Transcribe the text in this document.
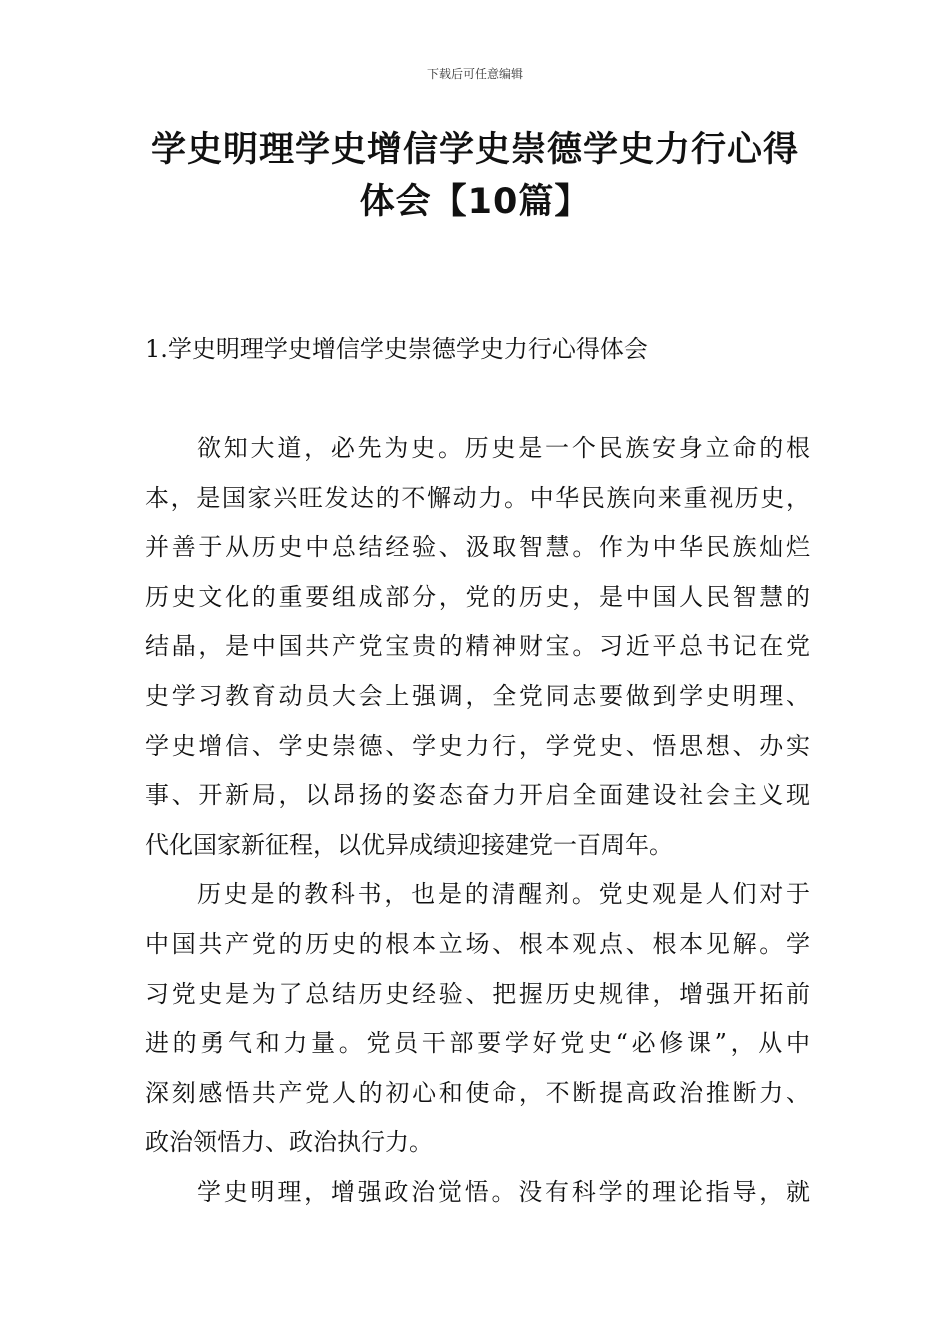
下载后可任意编辑
学史明理学史增信学史崇德学史力行心得
体会【10篇】
1.学史明理学史增信学史崇德学史力行心得体会

欲知大道，必先为史。历史是一个民族安身立命的根
本，是国家兴旺发达的不懈动力。中华民族向来重视历史，
并善于从历史中总结经验、汲取智慧。作为中华民族灿烂
历史文化的重要组成部分，党的历史，是中国人民智慧的
结晶，是中国共产党宝贵的精神财宝。习近平总书记在党
史学习教育动员大会上强调，全党同志要做到学史明理、
学史增信、学史崇德、学史力行，学党史、悟思想、办实
事、开新局，以昂扬的姿态奋力开启全面建设社会主义现
代化国家新征程，以优异成绩迎接建党一百周年。

历史是的教科书，也是的清醒剂。党史观是人们对于
中国共产党的历史的根本立场、根本观点、根本见解。学
习党史是为了总结历史经验、把握历史规律，增强开拓前
进的勇气和力量。党员干部要学好党史“必修课”，从中
深刻感悟共产党人的初心和使命，不断提高政治推断力、
政治领悟力、政治执行力。

学史明理，增强政治觉悟。没有科学的理论指导，就
